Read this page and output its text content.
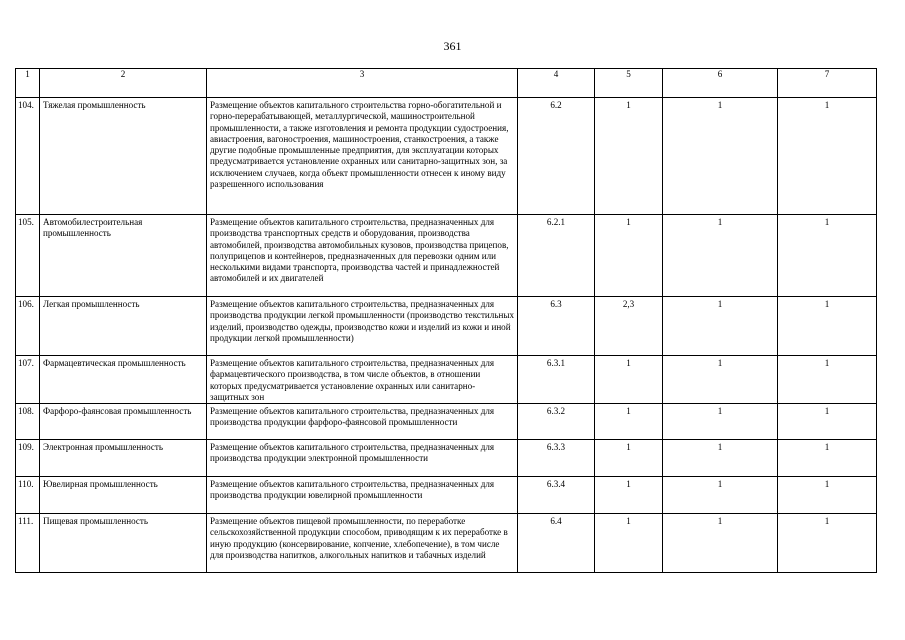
361
1	2	3	4	5	6	7
104.	Тяжелая промышленность	Размещение объектов капитального строительства горно-обогатительной и горно-перерабатывающей, металлургической, машиностроительной промышленности, а также изготовления и ремонта продукции судостроения, авиастроения, вагоностроения, машиностроения, станкостроения, а также другие подобные промышленные предприятия, для эксплуатации которых предусматривается установление охранных или санитарно-защитных зон, за исключением случаев, когда объект промышленности отнесен к иному виду разрешенного использования	6.2	1	1	1
105.	Автомобилестроительная промышленность	Размещение объектов капитального строительства, предназначенных для производства транспортных средств и оборудования, производства автомобилей, производства автомобильных кузовов, производства прицепов, полуприцепов и контейнеров, предназначенных для перевозки одним или несколькими видами транспорта, производства частей и принадлежностей автомобилей и их двигателей	6.2.1	1	1	1
106.	Легкая промышленность	Размещение объектов капитального строительства, предназначенных для производства продукции легкой промышленности (производство текстильных изделий, производство одежды, производство кожи и изделий из кожи и иной продукции легкой промышленности)	6.3	2,3	1	1
107.	Фармацевтическая промышленность	Размещение объектов капитального строительства, предназначенных для фармацевтического производства, в том числе объектов, в отношении которых предусматривается установление охранных или санитарно-защитных зон	6.3.1	1	1	1
108.	Фарфоро-фаянсовая промышленность	Размещение объектов капитального строительства, предназначенных для производства продукции фарфоро-фаянсовой промышленности	6.3.2	1	1	1
109.	Электронная промышленность	Размещение объектов капитального строительства, предназначенных для производства продукции электронной промышленности	6.3.3	1	1	1
110.	Ювелирная промышленность	Размещение объектов капитального строительства, предназначенных для производства продукции ювелирной промышленности	6.3.4	1	1	1
111.	Пищевая промышленность	Размещение объектов пищевой промышленности, по переработке сельскохозяйственной продукции способом, приводящим к их переработке в иную продукцию (консервирование, копчение, хлебопечение), в том числе для производства напитков, алкогольных напитков и табачных изделий	6.4	1	1	1
